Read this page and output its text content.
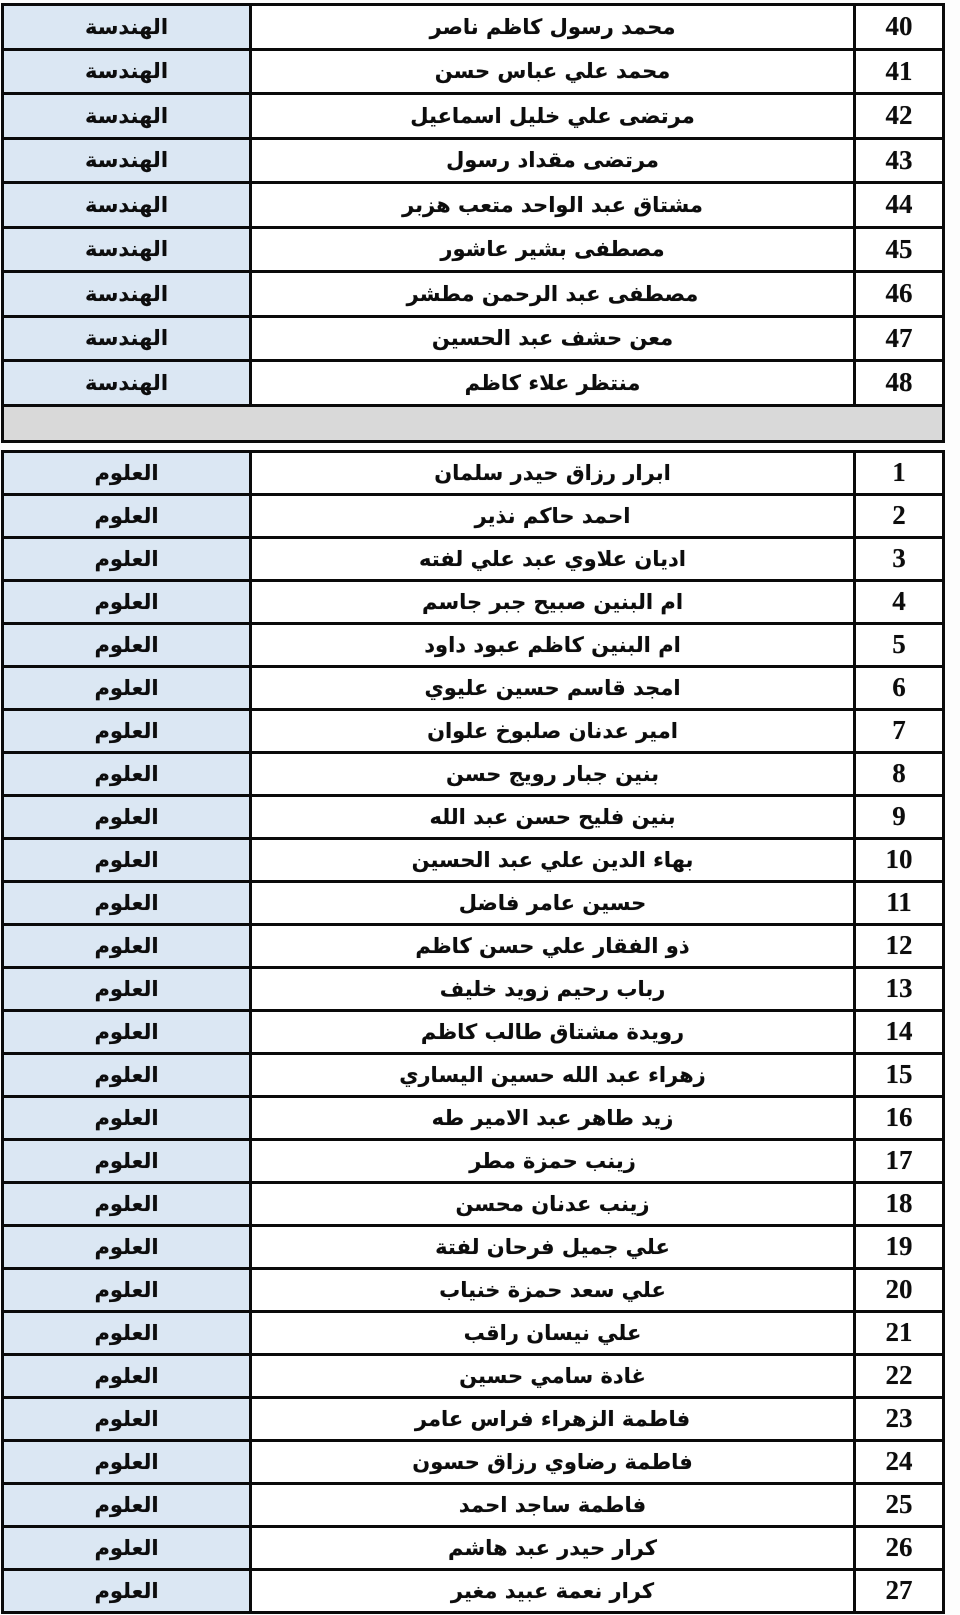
الهندسة	محمد رسول كاظم ناصر	40
الهندسة	محمد علي عباس حسن	41
الهندسة	مرتضى علي خليل اسماعيل	42
الهندسة	مرتضى مقداد رسول	43
الهندسة	مشتاق عبد الواحد متعب هزبر	44
الهندسة	مصطفى بشير عاشور	45
الهندسة	مصطفى عبد الرحمن مطشر	46
الهندسة	معن حشف عبد الحسين	47
الهندسة	منتظر علاء كاظم	48
العلوم	ابرار رزاق حيدر سلمان	1
العلوم	احمد حاكم نذير	2
العلوم	اديان علاوي عبد علي لفته	3
العلوم	ام البنين صبيح جبر جاسم	4
العلوم	ام البنين كاظم عبود داود	5
العلوم	امجد قاسم حسين عليوي	6
العلوم	امير عدنان صلبوخ علوان	7
العلوم	بنين جبار رويج حسن	8
العلوم	بنين فليح حسن عبد الله	9
العلوم	بهاء الدين علي عبد الحسين	10
العلوم	حسين عامر فاضل	11
العلوم	ذو الفقار علي حسن كاظم	12
العلوم	رباب رحيم زويد خليف	13
العلوم	رويدة مشتاق طالب كاظم	14
العلوم	زهراء عبد الله حسين اليساري	15
العلوم	زيد طاهر عبد الامير طه	16
العلوم	زينب حمزة مطر	17
العلوم	زينب عدنان محسن	18
العلوم	علي جميل فرحان لفتة	19
العلوم	علي سعد حمزة خنياب	20
العلوم	علي نيسان راقب	21
العلوم	غادة سامي حسين	22
العلوم	فاطمة الزهراء فراس عامر	23
العلوم	فاطمة رضاوي رزاق حسون	24
العلوم	فاطمة ساجد احمد	25
العلوم	كرار حيدر عبد هاشم	26
العلوم	كرار نعمة عبيد مغير	27
